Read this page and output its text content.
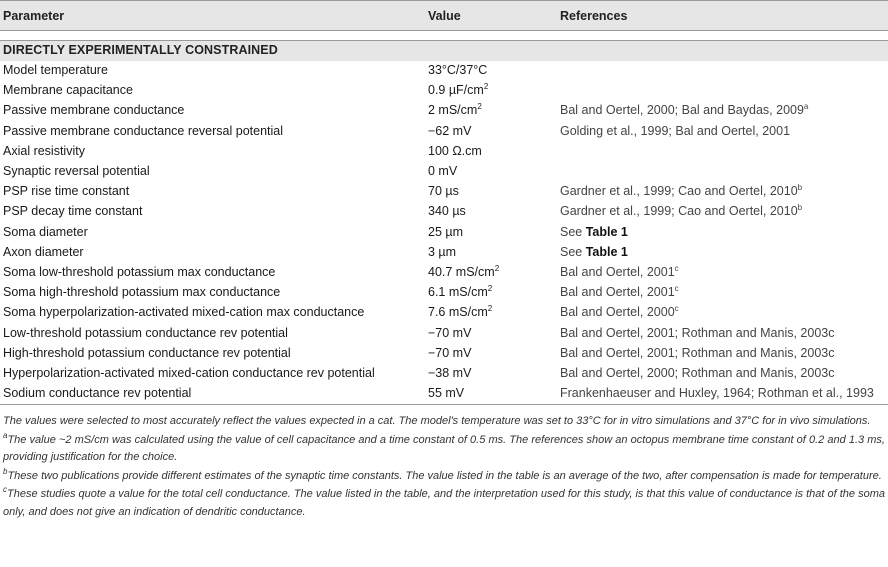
Parameter	Value	References
DIRECTLY EXPERIMENTALLY CONSTRAINED
Model temperature	33°C/37°C
Membrane capacitance	0.9 $\mu F/cm^2$
Passive membrane conductance	2 $mS/cm^2$	Bal and Oertel, 2000; Bal and Baydas, 2009$^a$
Passive membrane conductance reversal potential	−62 mV	Golding et al., 1999; Bal and Oertel, 2001
Axial resistivity	100 Ω.cm
Synaptic reversal potential	0 mV
PSP rise time constant	70 µs	Gardner et al., 1999; Cao and Oertel, 2010$^b$
PSP decay time constant	340 µs	Gardner et al., 1999; Cao and Oertel, 2010$^b$
Soma diameter	25 µm	See Table 1
Axon diameter	3 µm	See Table 1
Soma low-threshold potassium max conductance	40.7 $mS/cm^2$	Bal and Oertel, 2001$^c$
Soma high-threshold potassium max conductance	6.1 $mS/cm^2$	Bal and Oertel, 2001$^c$
Soma hyperpolarization-activated mixed-cation max conductance	7.6 $mS/cm^2$	Bal and Oertel, 2000$^c$
Low-threshold potassium conductance rev potential	−70 mV	Bal and Oertel, 2001; Rothman and Manis, 2003c
High-threshold potassium conductance rev potential	−70 mV	Bal and Oertel, 2001; Rothman and Manis, 2003c
Hyperpolarization-activated mixed-cation conductance rev potential	−38 mV	Bal and Oertel, 2000; Rothman and Manis, 2003c
Sodium conductance rev potential	55 mV	Frankenhaeuser and Huxley, 1964; Rothman et al., 1993

The values were selected to most accurately reflect the values expected in a cat. The model's temperature was set to 33°C for in vitro simulations and 37°C for in vivo simulations.

$^a$The value ~2 mS/cm was calculated using the value of cell capacitance and a time constant of 0.5 ms. The references show an octopus membrane time constant of 0.2 and 1.3 ms, providing justification for the choice.

$^b$These two publications provide different estimates of the synaptic time constants. The value listed in the table is an average of the two, after compensation is made for temperature.

$^c$These studies quote a value for the total cell conductance. The value listed in the table, and the interpretation used for this study, is that this value of conductance is that of the soma only, and does not give an indication of dendritic conductance.
